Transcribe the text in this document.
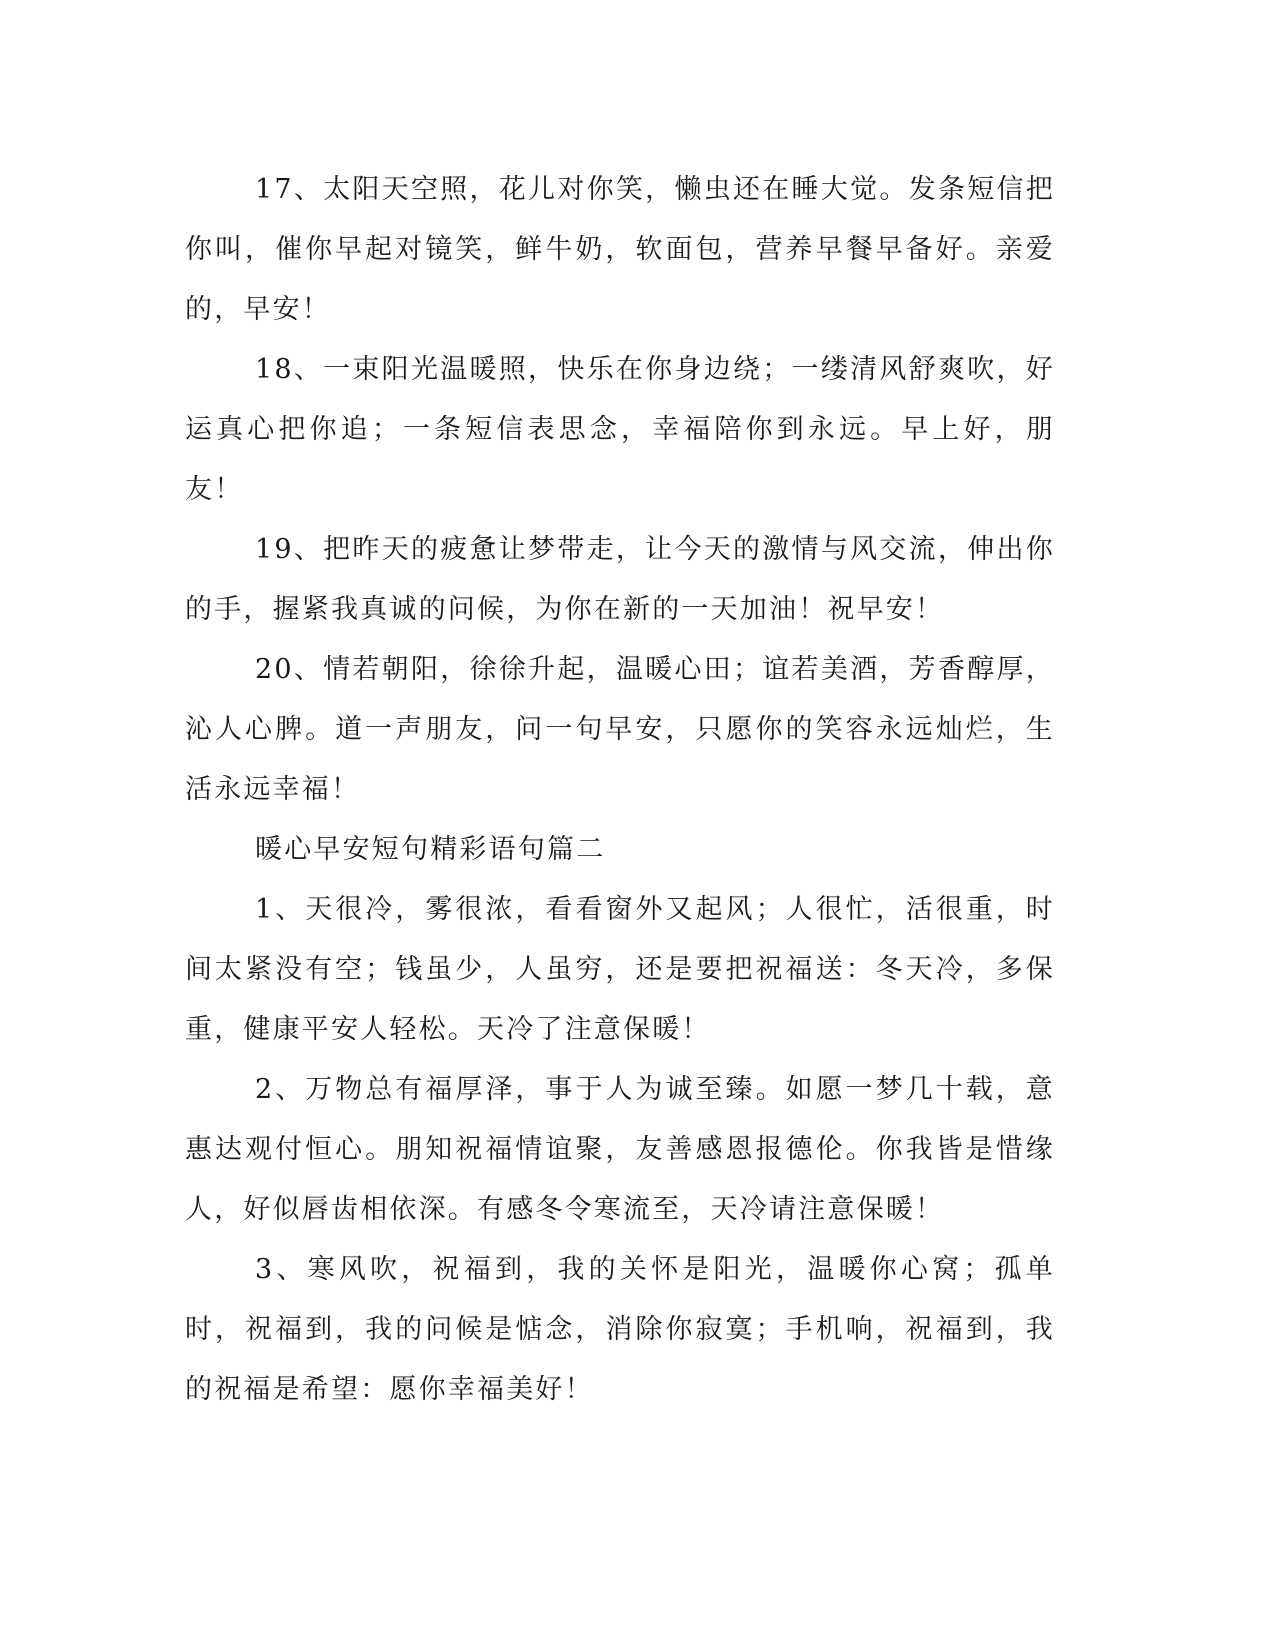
17、太阳天空照，花儿对你笑，懒虫还在睡大觉。发条短信把你叫，催你早起对镜笑，鲜牛奶，软面包，营养早餐早备好。亲爱的，早安！

18、一束阳光温暖照，快乐在你身边绕；一缕清风舒爽吹，好运真心把你追；一条短信表思念，幸福陪你到永远。早上好，朋友！

19、把昨天的疲惫让梦带走，让今天的激情与风交流，伸出你的手，握紧我真诚的问候，为你在新的一天加油！祝早安！

20、情若朝阳，徐徐升起，温暖心田；谊若美酒，芳香醇厚，沁人心脾。道一声朋友，问一句早安，只愿你的笑容永远灿烂，生活永远幸福！

暖心早安短句精彩语句篇二

1、天很冷，雾很浓，看看窗外又起风；人很忙，活很重，时间太紧没有空；钱虽少，人虽穷，还是要把祝福送：冬天冷，多保重，健康平安人轻松。天冷了注意保暖！

2、万物总有福厚泽，事于人为诚至臻。如愿一梦几十载，意惠达观付恒心。朋知祝福情谊聚，友善感恩报德伦。你我皆是惜缘人，好似唇齿相依深。有感冬令寒流至，天冷请注意保暖！

3、寒风吹，祝福到，我的关怀是阳光，温暖你心窝；孤单时，祝福到，我的问候是惦念，消除你寂寞；手机响，祝福到，我的祝福是希望：愿你幸福美好！
